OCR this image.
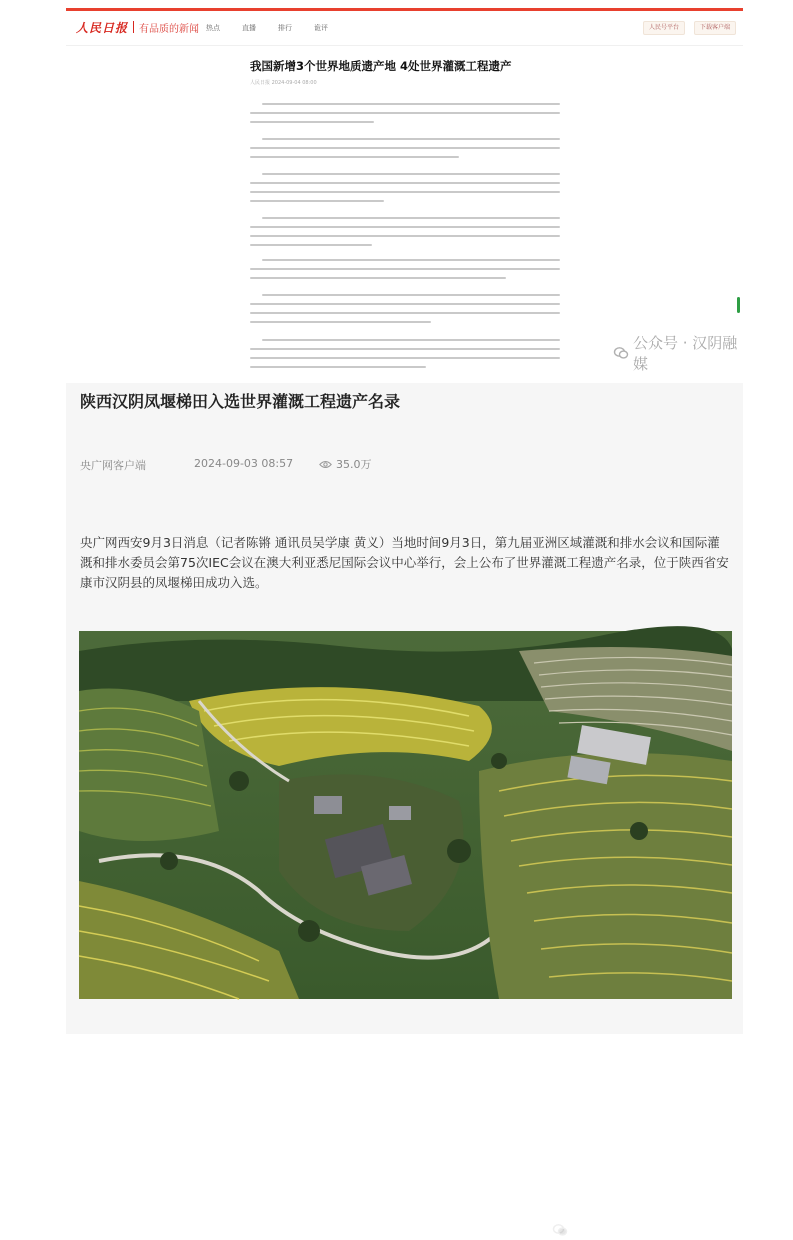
人民日报 有品质的新闻 热点	直播	排行	诡评	人民号平台	下载客户端
我国新增3个世界地质遗产地 4处世界灌溉工程遗产
人民日报 2024-09-04 08:00
公众号 · 汉阴融媒
陕西汉阴凤堰梯田入选世界灌溉工程遗产名录
央广网客户端	2024-09-03 08:57	35.0万
央广网西安9月3日消息（记者陈锵 通讯员吴学康 黄义）当地时间9月3日，第九届亚洲区域灌溉和排水会议和国际灌溉和排水委员会第75次IEC会议在澳大利亚悉尼国际会议中心举行，会上公布了世界灌溉工程遗产名录，位于陕西省安康市汉阴县的凤堰梯田成功入选。
公众号 · 汉阴融媒
